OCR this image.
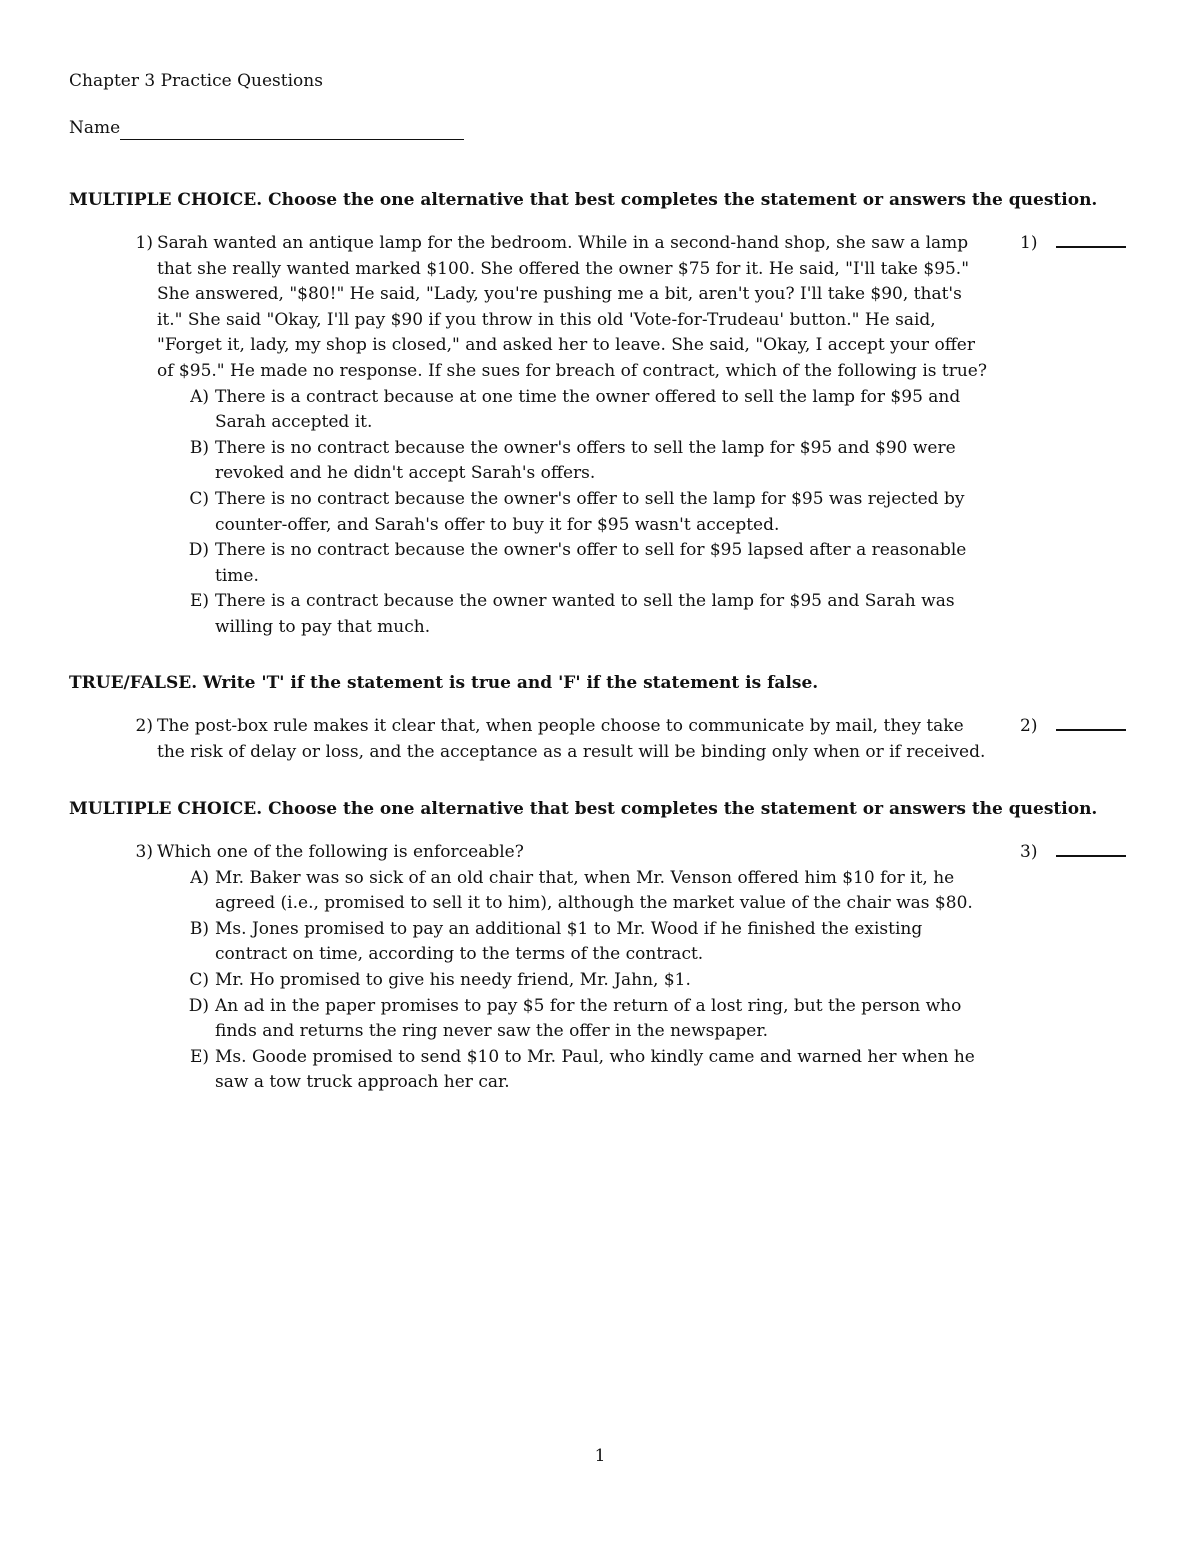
Chapter 3 Practice Questions
Name
MULTIPLE CHOICE. Choose the one alternative that best completes the statement or answers the question.
1) Sarah wanted an antique lamp for the bedroom. While in a second-hand shop, she saw a lamp that she really wanted marked $100. She offered the owner $75 for it. He said, "I'll take $95." She answered, "$80!" He said, "Lady, you're pushing me a bit, aren't you? I'll take $90, that's it." She said "Okay, I'll pay $90 if you throw in this old 'Vote-for-Trudeau' button." He said, "Forget it, lady, my shop is closed," and asked her to leave. She said, "Okay, I accept your offer of $95." He made no response. If she sues for breach of contract, which of the following is true?
A) There is a contract because at one time the owner offered to sell the lamp for $95 and Sarah accepted it.
B) There is no contract because the owner's offers to sell the lamp for $95 and $90 were revoked and he didn't accept Sarah's offers.
C) There is no contract because the owner's offer to sell the lamp for $95 was rejected by counter-offer, and Sarah's offer to buy it for $95 wasn't accepted.
D) There is no contract because the owner's offer to sell for $95 lapsed after a reasonable time.
E) There is a contract because the owner wanted to sell the lamp for $95 and Sarah was willing to pay that much.
1)
TRUE/FALSE. Write 'T' if the statement is true and 'F' if the statement is false.
2) The post-box rule makes it clear that, when people choose to communicate by mail, they take the risk of delay or loss, and the acceptance as a result will be binding only when or if received.
2)
MULTIPLE CHOICE. Choose the one alternative that best completes the statement or answers the question.
3) Which one of the following is enforceable?
A) Mr. Baker was so sick of an old chair that, when Mr. Venson offered him $10 for it, he agreed (i.e., promised to sell it to him), although the market value of the chair was $80.
B) Ms. Jones promised to pay an additional $1 to Mr. Wood if he finished the existing contract on time, according to the terms of the contract.
C) Mr. Ho promised to give his needy friend, Mr. Jahn, $1.
D) An ad in the paper promises to pay $5 for the return of a lost ring, but the person who finds and returns the ring never saw the offer in the newspaper.
E) Ms. Goode promised to send $10 to Mr. Paul, who kindly came and warned her when he saw a tow truck approach her car.
3)
1
